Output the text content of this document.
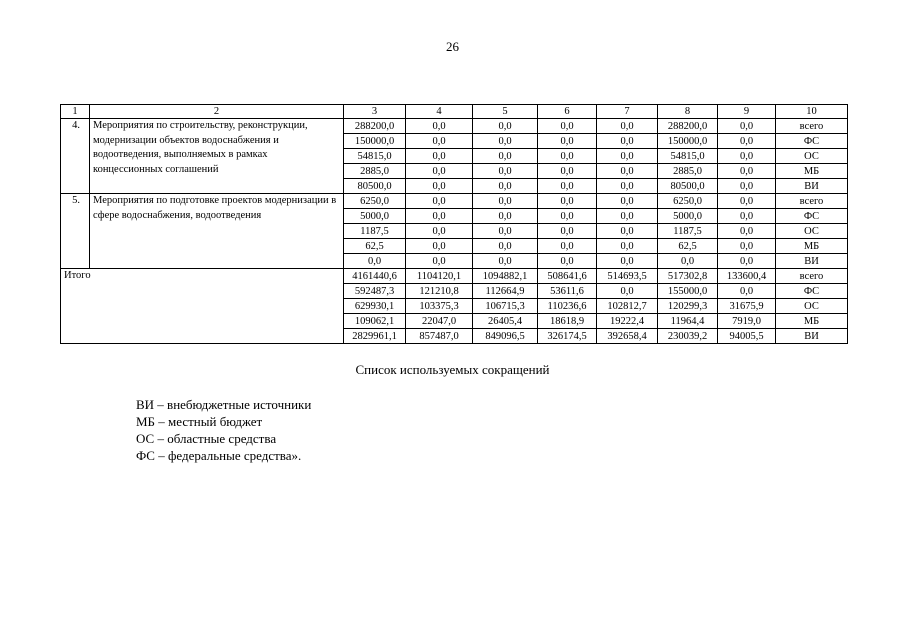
26
1	2	3	4	5	6	7	8	9	10
4.	Мероприятия по строительству, реконструкции, модернизации объектов водоснабжения и водоотведения, выполняемых в рамках концессионных соглашений	288200,0	0,0	0,0	0,0	0,0	288200,0	0,0	всего
		150000,0	0,0	0,0	0,0	0,0	150000,0	0,0	ФС
		54815,0	0,0	0,0	0,0	0,0	54815,0	0,0	ОС
		2885,0	0,0	0,0	0,0	0,0	2885,0	0,0	МБ
		80500,0	0,0	0,0	0,0	0,0	80500,0	0,0	ВИ
5.	Мероприятия по подготовке проектов модернизации в сфере водоснабжения, водоотведения	6250,0	0,0	0,0	0,0	0,0	6250,0	0,0	всего
		5000,0	0,0	0,0	0,0	0,0	5000,0	0,0	ФС
		1187,5	0,0	0,0	0,0	0,0	1187,5	0,0	ОС
		62,5	0,0	0,0	0,0	0,0	62,5	0,0	МБ
		0,0	0,0	0,0	0,0	0,0	0,0	0,0	ВИ
Итого		4161440,6	1104120,1	1094882,1	508641,6	514693,5	517302,8	133600,4	всего
		592487,3	121210,8	112664,9	53611,6	0,0	155000,0	0,0	ФС
		629930,1	103375,3	106715,3	110236,6	102812,7	120299,3	31675,9	ОС
		109062,1	22047,0	26405,4	18618,9	19222,4	11964,4	7919,0	МБ
		2829961,1	857487,0	849096,5	326174,5	392658,4	230039,2	94005,5	ВИ
Список используемых сокращений
ВИ – внебюджетные источники
МБ – местный бюджет
ОС – областные средства
ФС – федеральные средства».
